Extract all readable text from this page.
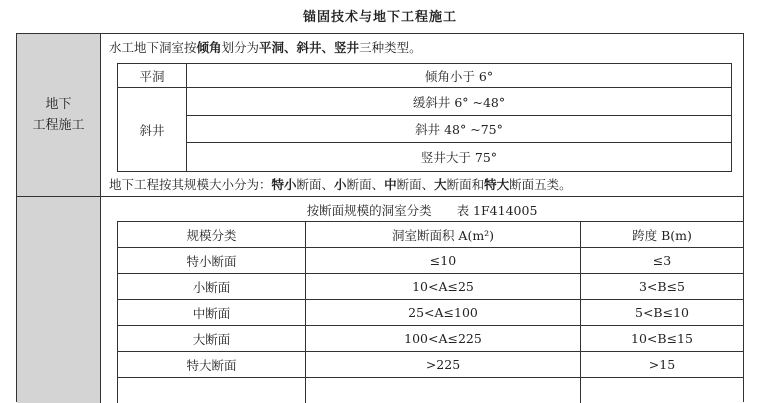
锚固技术与地下工程施工
地下
工程施工
水工地下洞室按倾角划分为平洞、斜井、竖井三种类型。
平洞	倾角小于 6°
斜井
缓斜井 6° ~48°
斜井 48° ~75°
竖井大于 75°
地下工程按其规模大小分为：特小断面、小断面、中断面、大断面和特大断面五类。
按断面规模的洞室分类　　表 1F414005
规模分类	洞室断面积 A(m²)	跨度 B(m)
特小断面	≤10	≤3
小断面	10<A≤25	3<B≤5
中断面	25<A≤100	5<B≤10
大断面	100<A≤225	10<B≤15
特大断面	>225	>15
